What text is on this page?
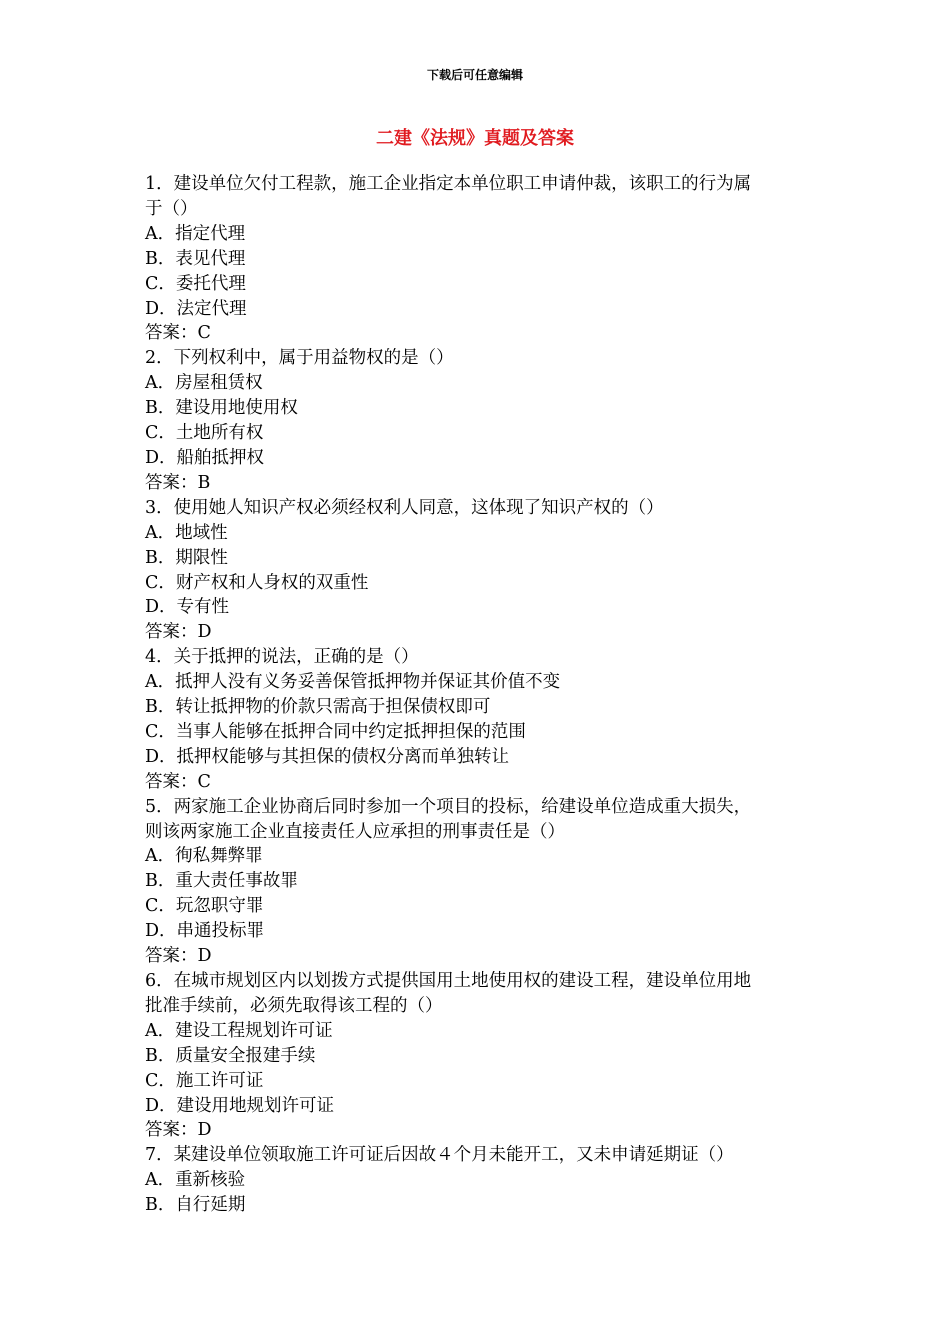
下载后可任意编辑
二建《法规》真题及答案
1．建设单位欠付工程款，施工企业指定本单位职工申请仲裁，该职工的行为属
于（）
A．指定代理
B．表见代理
C．委托代理
D．法定代理
答案：C
2．下列权利中，属于用益物权的是（）
A．房屋租赁权
B．建设用地使用权
C．土地所有权
D．船舶抵押权
答案：B
3．使用她人知识产权必须经权利人同意，这体现了知识产权的（）
A．地域性
B．期限性
C．财产权和人身权的双重性
D．专有性
答案：D
4．关于抵押的说法，正确的是（）
A．抵押人没有义务妥善保管抵押物并保证其价值不变
B．转让抵押物的价款只需高于担保债权即可
C．当事人能够在抵押合同中约定抵押担保的范围
D．抵押权能够与其担保的债权分离而单独转让
答案：C
5．两家施工企业协商后同时参加一个项目的投标，给建设单位造成重大损失，
则该两家施工企业直接责任人应承担的刑事责任是（）
A．徇私舞弊罪
B．重大责任事故罪
C．玩忽职守罪
D．串通投标罪
答案：D
6．在城市规划区内以划拨方式提供国用土地使用权的建设工程，建设单位用地
批准手续前，必须先取得该工程的（）
A．建设工程规划许可证
B．质量安全报建手续
C．施工许可证
D．建设用地规划许可证
答案：D
7．某建设单位领取施工许可证后因故４个月未能开工，又未申请延期证（）
A．重新核验
B．自行延期
